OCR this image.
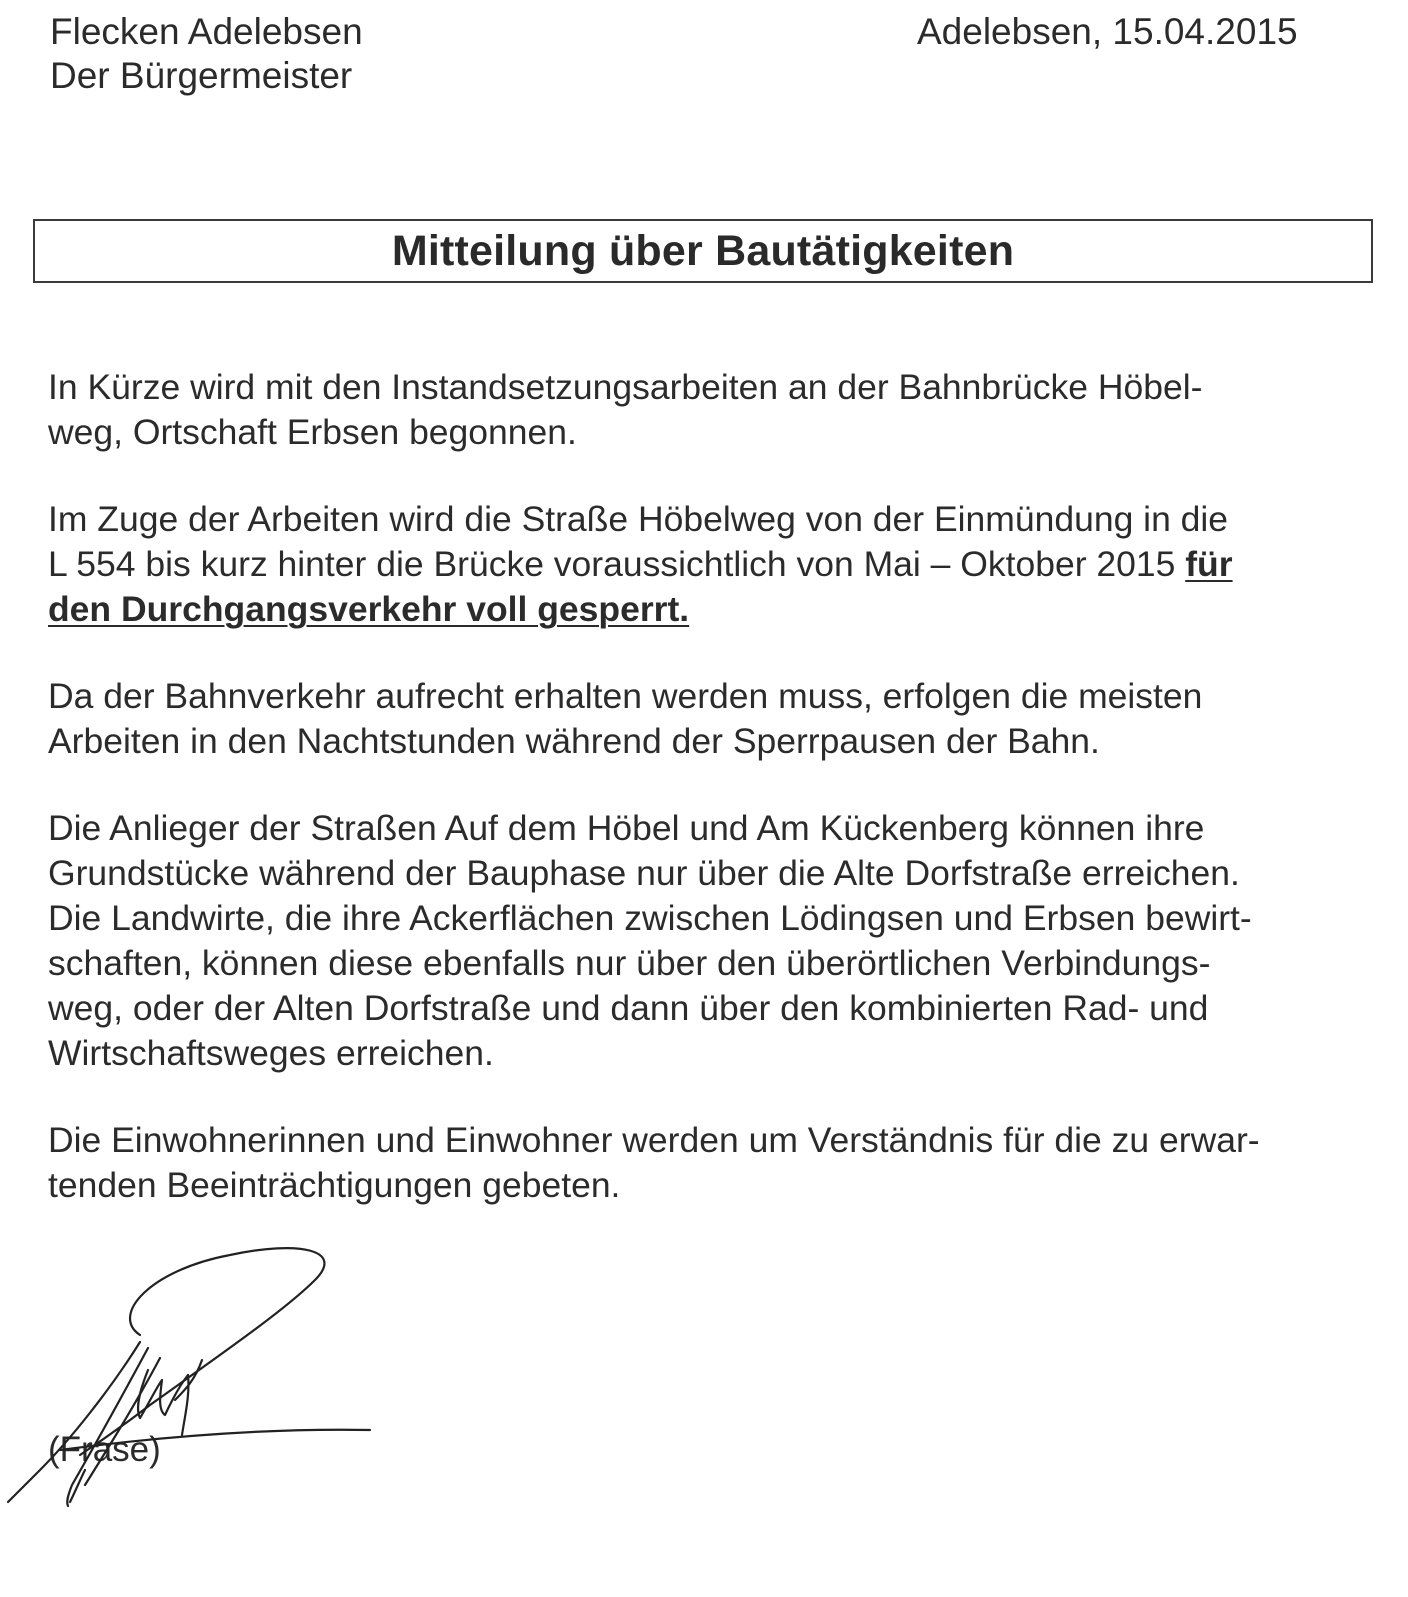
Flecken Adelebsen
Der Bürgermeister
Adelebsen, 15.04.2015
Mitteilung über Bautätigkeiten

In Kürze wird mit den Instandsetzungsarbeiten an der Bahnbrücke Höbel-
weg, Ortschaft Erbsen begonnen.

Im Zuge der Arbeiten wird die Straße Höbelweg von der Einmündung in die
L 554 bis kurz hinter die Brücke voraussichtlich von Mai – Oktober 2015 für
den Durchgangsverkehr voll gesperrt.

Da der Bahnverkehr aufrecht erhalten werden muss, erfolgen die meisten
Arbeiten in den Nachtstunden während der Sperrpausen der Bahn.

Die Anlieger der Straßen Auf dem Höbel und Am Kückenberg können ihre
Grundstücke während der Bauphase nur über die Alte Dorfstraße erreichen.
Die Landwirte, die ihre Ackerflächen zwischen Lödingsen und Erbsen bewirt-
schaften, können diese ebenfalls nur über den überörtlichen Verbindungs-
weg, oder der Alten Dorfstraße und dann über den kombinierten Rad- und
Wirtschaftsweges erreichen.

Die Einwohnerinnen und Einwohner werden um Verständnis für die zu erwar-
tenden Beeinträchtigungen gebeten.

(Frase)
